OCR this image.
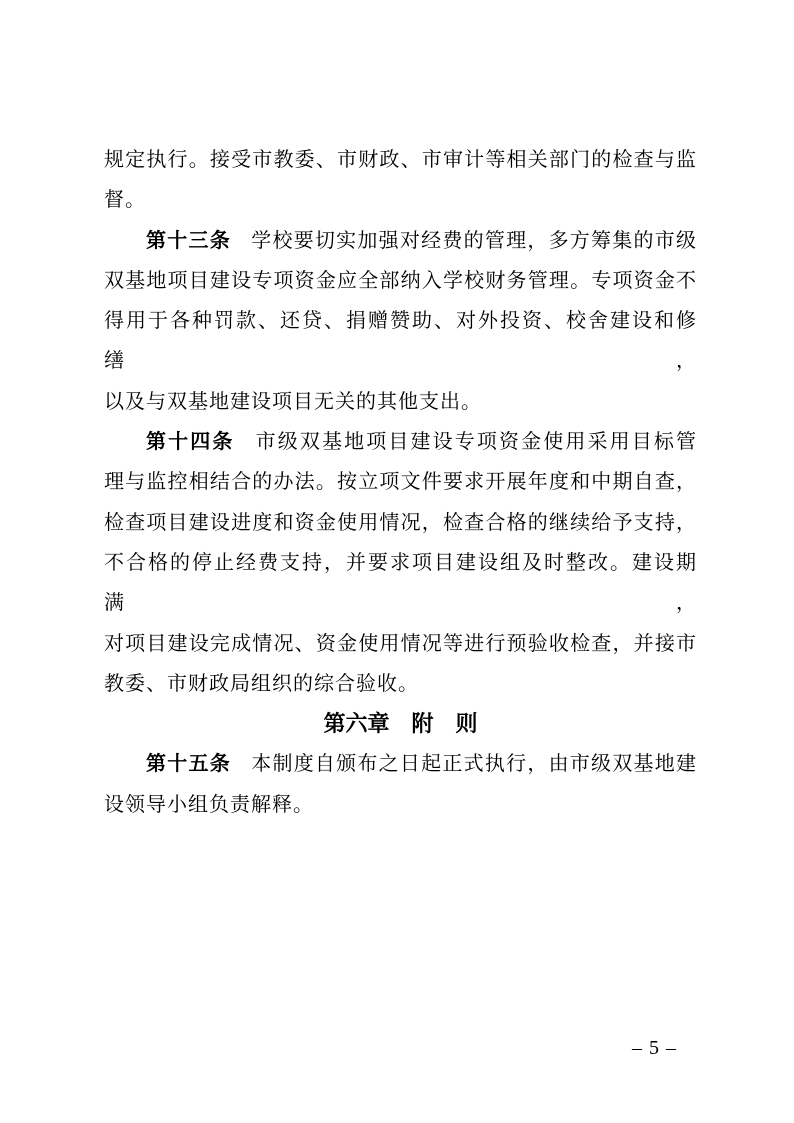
规定执行。接受市教委、市财政、市审计等相关部门的检查与监
督。
第十三条 学校要切实加强对经费的管理，多方筹集的市级
双基地项目建设专项资金应全部纳入学校财务管理。专项资金不
得用于各种罚款、还贷、捐赠赞助、对外投资、校舍建设和修缮，
以及与双基地建设项目无关的其他支出。
第十四条 市级双基地项目建设专项资金使用采用目标管
理与监控相结合的办法。按立项文件要求开展年度和中期自查，
检查项目建设进度和资金使用情况，检查合格的继续给予支持，
不合格的停止经费支持，并要求项目建设组及时整改。建设期满，
对项目建设完成情况、资金使用情况等进行预验收检查，并接市
教委、市财政局组织的综合验收。
第六章　附　则
第十五条 本制度自颁布之日起正式执行，由市级双基地建
设领导小组负责解释。
– 5 –
